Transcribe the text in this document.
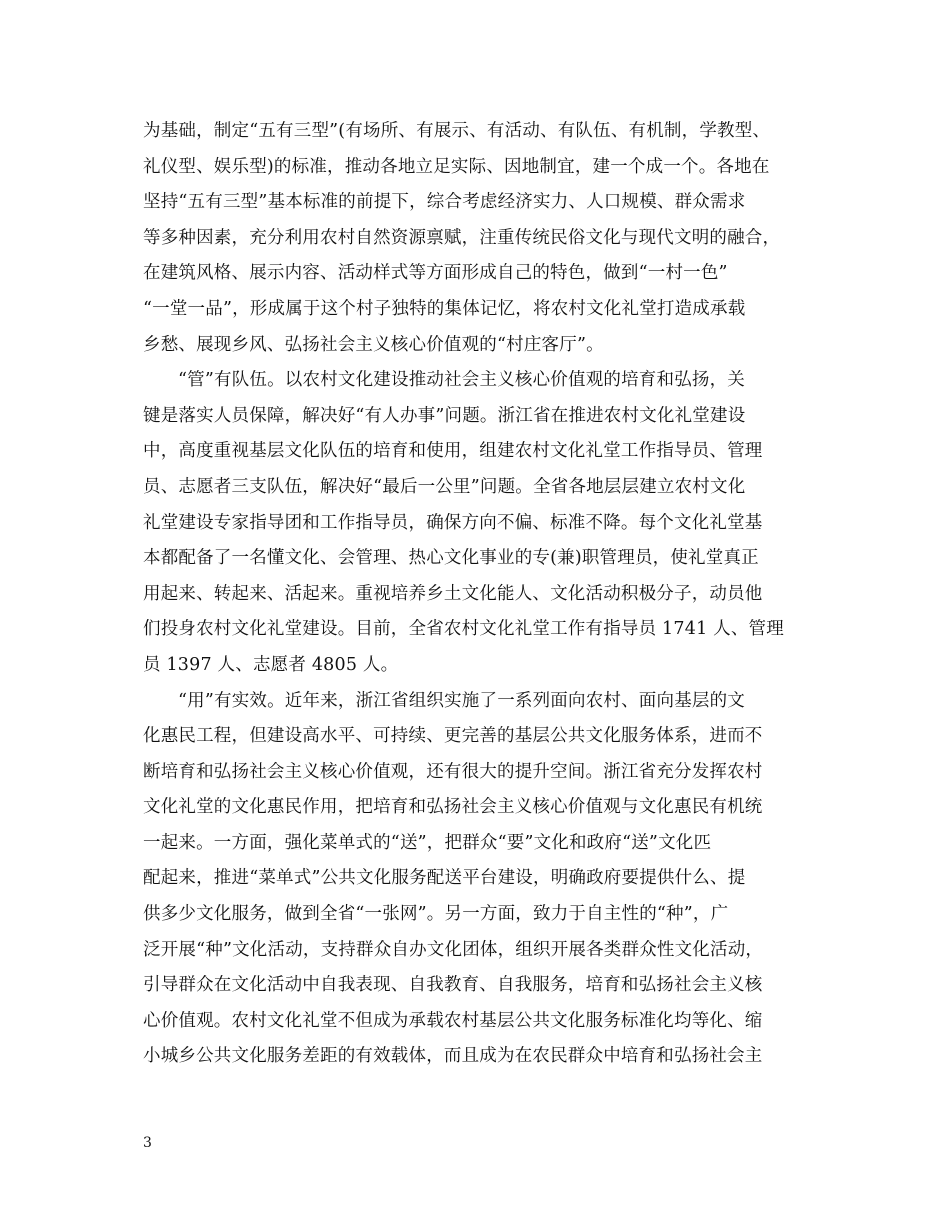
为基础，制定“五有三型”(有场所、有展示、有活动、有队伍、有机制，学教型、
礼仪型、娱乐型)的标准，推动各地立足实际、因地制宜，建一个成一个。各地在
坚持“五有三型”基本标准的前提下，综合考虑经济实力、人口规模、群众需求
等多种因素，充分利用农村自然资源禀赋，注重传统民俗文化与现代文明的融合，
在建筑风格、展示内容、活动样式等方面形成自己的特色，做到“一村一色”
“一堂一品”，形成属于这个村子独特的集体记忆，将农村文化礼堂打造成承载
乡愁、展现乡风、弘扬社会主义核心价值观的“村庄客厅”。
“管”有队伍。以农村文化建设推动社会主义核心价值观的培育和弘扬，关
键是落实人员保障，解决好“有人办事”问题。浙江省在推进农村文化礼堂建设
中，高度重视基层文化队伍的培育和使用，组建农村文化礼堂工作指导员、管理
员、志愿者三支队伍，解决好“最后一公里”问题。全省各地层层建立农村文化
礼堂建设专家指导团和工作指导员，确保方向不偏、标准不降。每个文化礼堂基
本都配备了一名懂文化、会管理、热心文化事业的专(兼)职管理员，使礼堂真正
用起来、转起来、活起来。重视培养乡土文化能人、文化活动积极分子，动员他
们投身农村文化礼堂建设。目前，全省农村文化礼堂工作有指导员 1741 人、管理
员 1397 人、志愿者 4805 人。
“用”有实效。近年来，浙江省组织实施了一系列面向农村、面向基层的文
化惠民工程，但建设高水平、可持续、更完善的基层公共文化服务体系，进而不
断培育和弘扬社会主义核心价值观，还有很大的提升空间。浙江省充分发挥农村
文化礼堂的文化惠民作用，把培育和弘扬社会主义核心价值观与文化惠民有机统
一起来。一方面，强化菜单式的“送”，把群众“要”文化和政府“送”文化匹
配起来，推进“菜单式”公共文化服务配送平台建设，明确政府要提供什么、提
供多少文化服务，做到全省“一张网”。另一方面，致力于自主性的“种”，广
泛开展“种”文化活动，支持群众自办文化团体，组织开展各类群众性文化活动，
引导群众在文化活动中自我表现、自我教育、自我服务，培育和弘扬社会主义核
心价值观。农村文化礼堂不但成为承载农村基层公共文化服务标准化均等化、缩
小城乡公共文化服务差距的有效载体，而且成为在农民群众中培育和弘扬社会主
3
